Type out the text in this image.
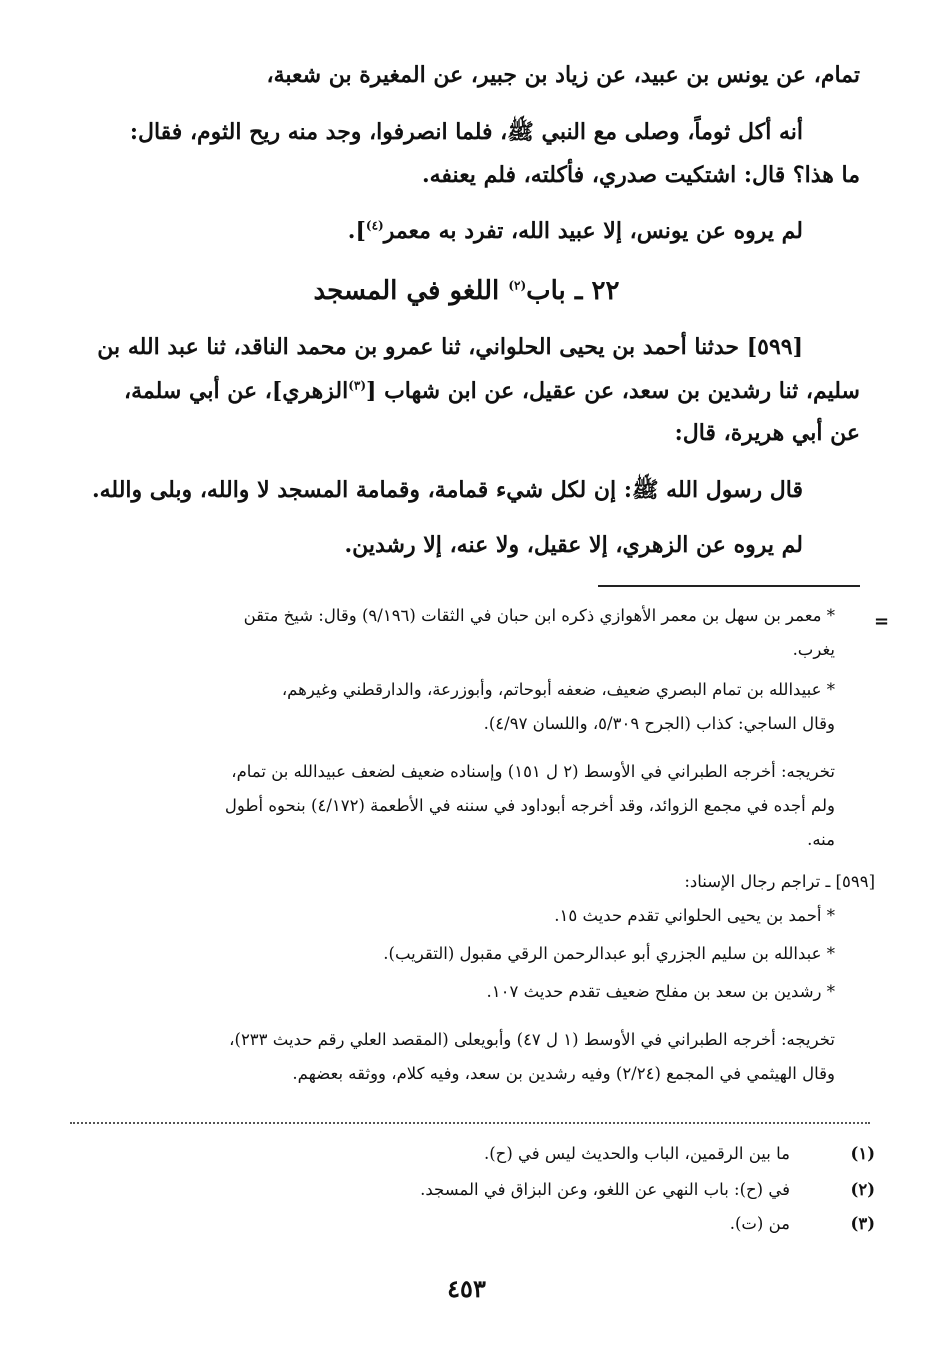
تمام، عن يونس بن عبيد، عن زياد بن جبير، عن المغيرة بن شعبة،
أنه أكل ثوماً، وصلى مع النبي ﷺ، فلما انصرفوا، وجد منه ريح الثوم، فقال:
ما هذا؟ قال: اشتكيت صدري، فأكلته، فلم يعنفه.
لم يروه عن يونس، إلا عبيد الله، تفرد به معمر$^{(٤)}$].
٢٢ ـ باب$^{(٢)}$ اللغو في المسجد
[٥٩٩] حدثنا أحمد بن يحيى الحلواني، ثنا عمرو بن محمد الناقد، ثنا عبد الله بن
سليم، ثنا رشدين بن سعد، عن عقيل، عن ابن شهاب [$^{(٣)}$الزهري]، عن أبي سلمة،
عن أبي هريرة، قال:
قال رسول الله ﷺ: إن لكل شيء قمامة، وقمامة المسجد لا والله، وبلى والله.
لم يروه عن الزهري، إلا عقيل، ولا عنه، إلا رشدين.
=
* معمر بن سهل بن معمر الأهوازي ذكره ابن حبان في الثقات (٩/١٩٦) وقال: شيخ متقن
يغرب.
* عبيدالله بن تمام البصري ضعيف، ضعفه أبوحاتم، وأبوزرعة، والدارقطني وغيرهم،
وقال الساجي: كذاب (الجرح ٥/٣٠٩، واللسان ٤/٩٧).
تخريجه: أخرجه الطبراني في الأوسط (٢ ل ١٥١) وإسناده ضعيف لضعف عبيدالله بن تمام،
ولم أجده في مجمع الزوائد، وقد أخرجه أبوداود في سننه في الأطعمة (٤/١٧٢) بنحوه أطول
منه.
[٥٩٩] ـ تراجم رجال الإسناد:
* أحمد بن يحيى الحلواني تقدم حديث ١٥.
* عبدالله بن سليم الجزري أبو عبدالرحمن الرقي مقبول (التقريب).
* رشدين بن سعد بن مفلح ضعيف تقدم حديث ١٠٧.
تخريجه: أخرجه الطبراني في الأوسط (١ ل ٤٧) وأبويعلى (المقصد العلي رقم حديث ٢٣٣)،
وقال الهيثمي في المجمع (٢/٢٤) وفيه رشدين بن سعد، وفيه كلام، ووثقه بعضهم.
(١)
ما بين الرقمين، الباب والحديث ليس في (ح).
(٢)
في (ح): باب النهي عن اللغو، وعن البزاق في المسجد.
(٣)
من (ت).
٤٥٣
